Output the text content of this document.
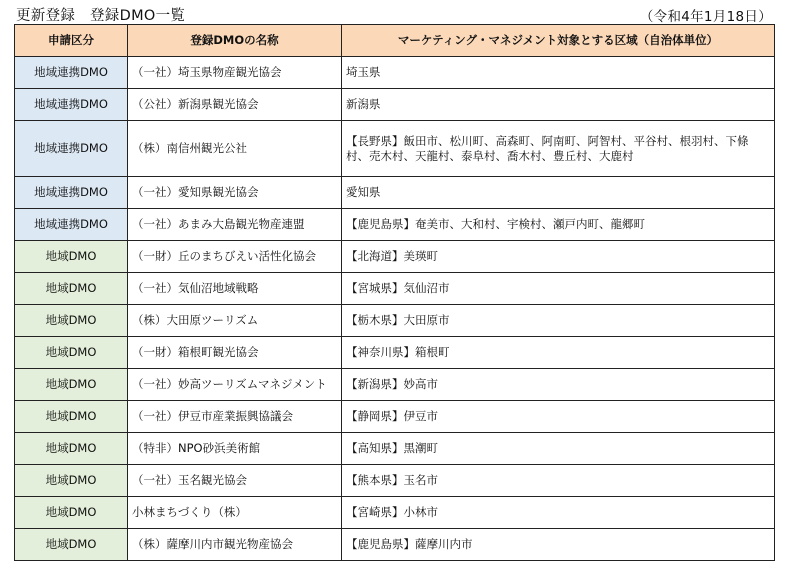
更新登録　登録DMO一覧	（令和4年1月18日）
申請区分	登録DMOの名称	マーケティング・マネジメント対象とする区域（自治体単位）
地域連携DMO	（一社）埼玉県物産観光協会	埼玉県
地域連携DMO	（公社）新潟県観光協会	新潟県
地域連携DMO	（株）南信州観光公社	【長野県】飯田市、松川町、高森町、阿南町、阿智村、平谷村、根羽村、下條村、売木村、天龍村、泰阜村、喬木村、豊丘村、大鹿村
地域連携DMO	（一社）愛知県観光協会	愛知県
地域連携DMO	（一社）あまみ大島観光物産連盟	【鹿児島県】奄美市、大和村、宇検村、瀬戸内町、龍郷町
地域DMO	（一財）丘のまちびえい活性化協会	【北海道】美瑛町
地域DMO	（一社）気仙沼地域戦略	【宮城県】気仙沼市
地域DMO	（株）大田原ツーリズム	【栃木県】大田原市
地域DMO	（一財）箱根町観光協会	【神奈川県】箱根町
地域DMO	（一社）妙高ツーリズムマネジメント	【新潟県】妙高市
地域DMO	（一社）伊豆市産業振興協議会	【静岡県】伊豆市
地域DMO	（特非）NPO砂浜美術館	【高知県】黒潮町
地域DMO	（一社）玉名観光協会	【熊本県】玉名市
地域DMO	小林まちづくり（株）	【宮崎県】小林市
地域DMO	（株）薩摩川内市観光物産協会	【鹿児島県】薩摩川内市
